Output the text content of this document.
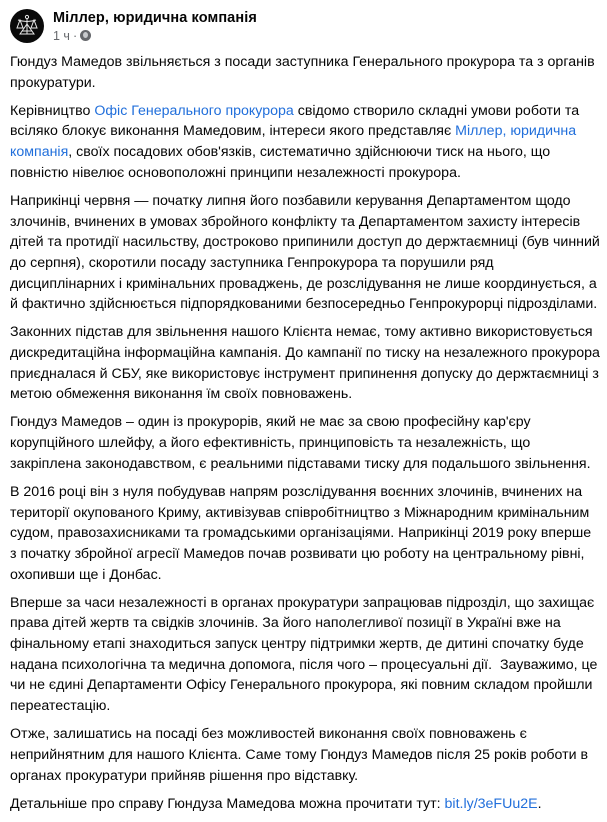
Міллер, юридична компанія
1 ч ·

Гюндуз Мамедов звільняється з посади заступника Генерального прокурора та з органів прокуратури.

Керівництво Офіс Генерального прокурора свідомо створило складні умови роботи та всіляко блокує виконання Мамедовим, інтереси якого представляє Міллер, юридична компанія, своїх посадових обов'язків, систематично здійснюючи тиск на нього, що повністю нівелює основоположні принципи незалежності прокурора.

Наприкінці червня — початку липня його позбавили керування Департаментом щодо злочинів, вчинених в умовах збройного конфлікту та Департаментом захисту інтересів дітей та протидії насильству, достроково припинили доступ до держтаємниці (був чинний до серпня), скоротили посаду заступника Генпрокурора та порушили ряд дисциплінарних і кримінальних проваджень, де розслідування не лише координується, а й фактично здійснюється підпорядкованими безпосередньо Генпрокурорці підрозділами.

Законних підстав для звільнення нашого Клієнта немає, тому активно використовується дискредитаційна інформаційна кампанія. До кампанії по тиску на незалежного прокурора приєдналася й СБУ, яке використовує інструмент припинення допуску до держтаємниці з метою обмеження виконання їм своїх повноважень.

Гюндуз Мамедов – один із прокурорів, який не має за свою професійну кар'єру корупційного шлейфу, а його ефективність, принциповість та незалежність, що закріплена законодавством, є реальними підставами тиску для подальшого звільнення.

В 2016 році він з нуля побудував напрям розслідування воєнних злочинів, вчинених на території окупованого Криму, активізував співробітництво з Міжнародним кримінальним судом, правозахисниками та громадськими організаціями. Наприкінці 2019 року вперше з початку збройної агресії Мамедов почав розвивати цю роботу на центральному рівні, охопивши ще і Донбас.

Вперше за часи незалежності в органах прокуратури запрацював підрозділ, що захищає права дітей жертв та свідків злочинів. За його наполегливої позиції в Україні вже на фінальному етапі знаходиться запуск центру підтримки жертв, де дитині спочатку буде надана психологічна та медична допомога, після чого – процесуальні дії.  Зауважимо, це чи не єдині Департаменти Офісу Генерального прокурора, які повним складом пройшли переатестацію.

Отже, залишатись на посаді без можливостей виконання своїх повноважень є неприйнятним для нашого Клієнта. Саме тому Гюндуз Мамедов після 25 років роботи в органах прокуратури прийняв рішення про відставку.

Детальніше про справу Гюндуза Мамедова можна прочитати тут: bit.ly/3eFUu2E.
